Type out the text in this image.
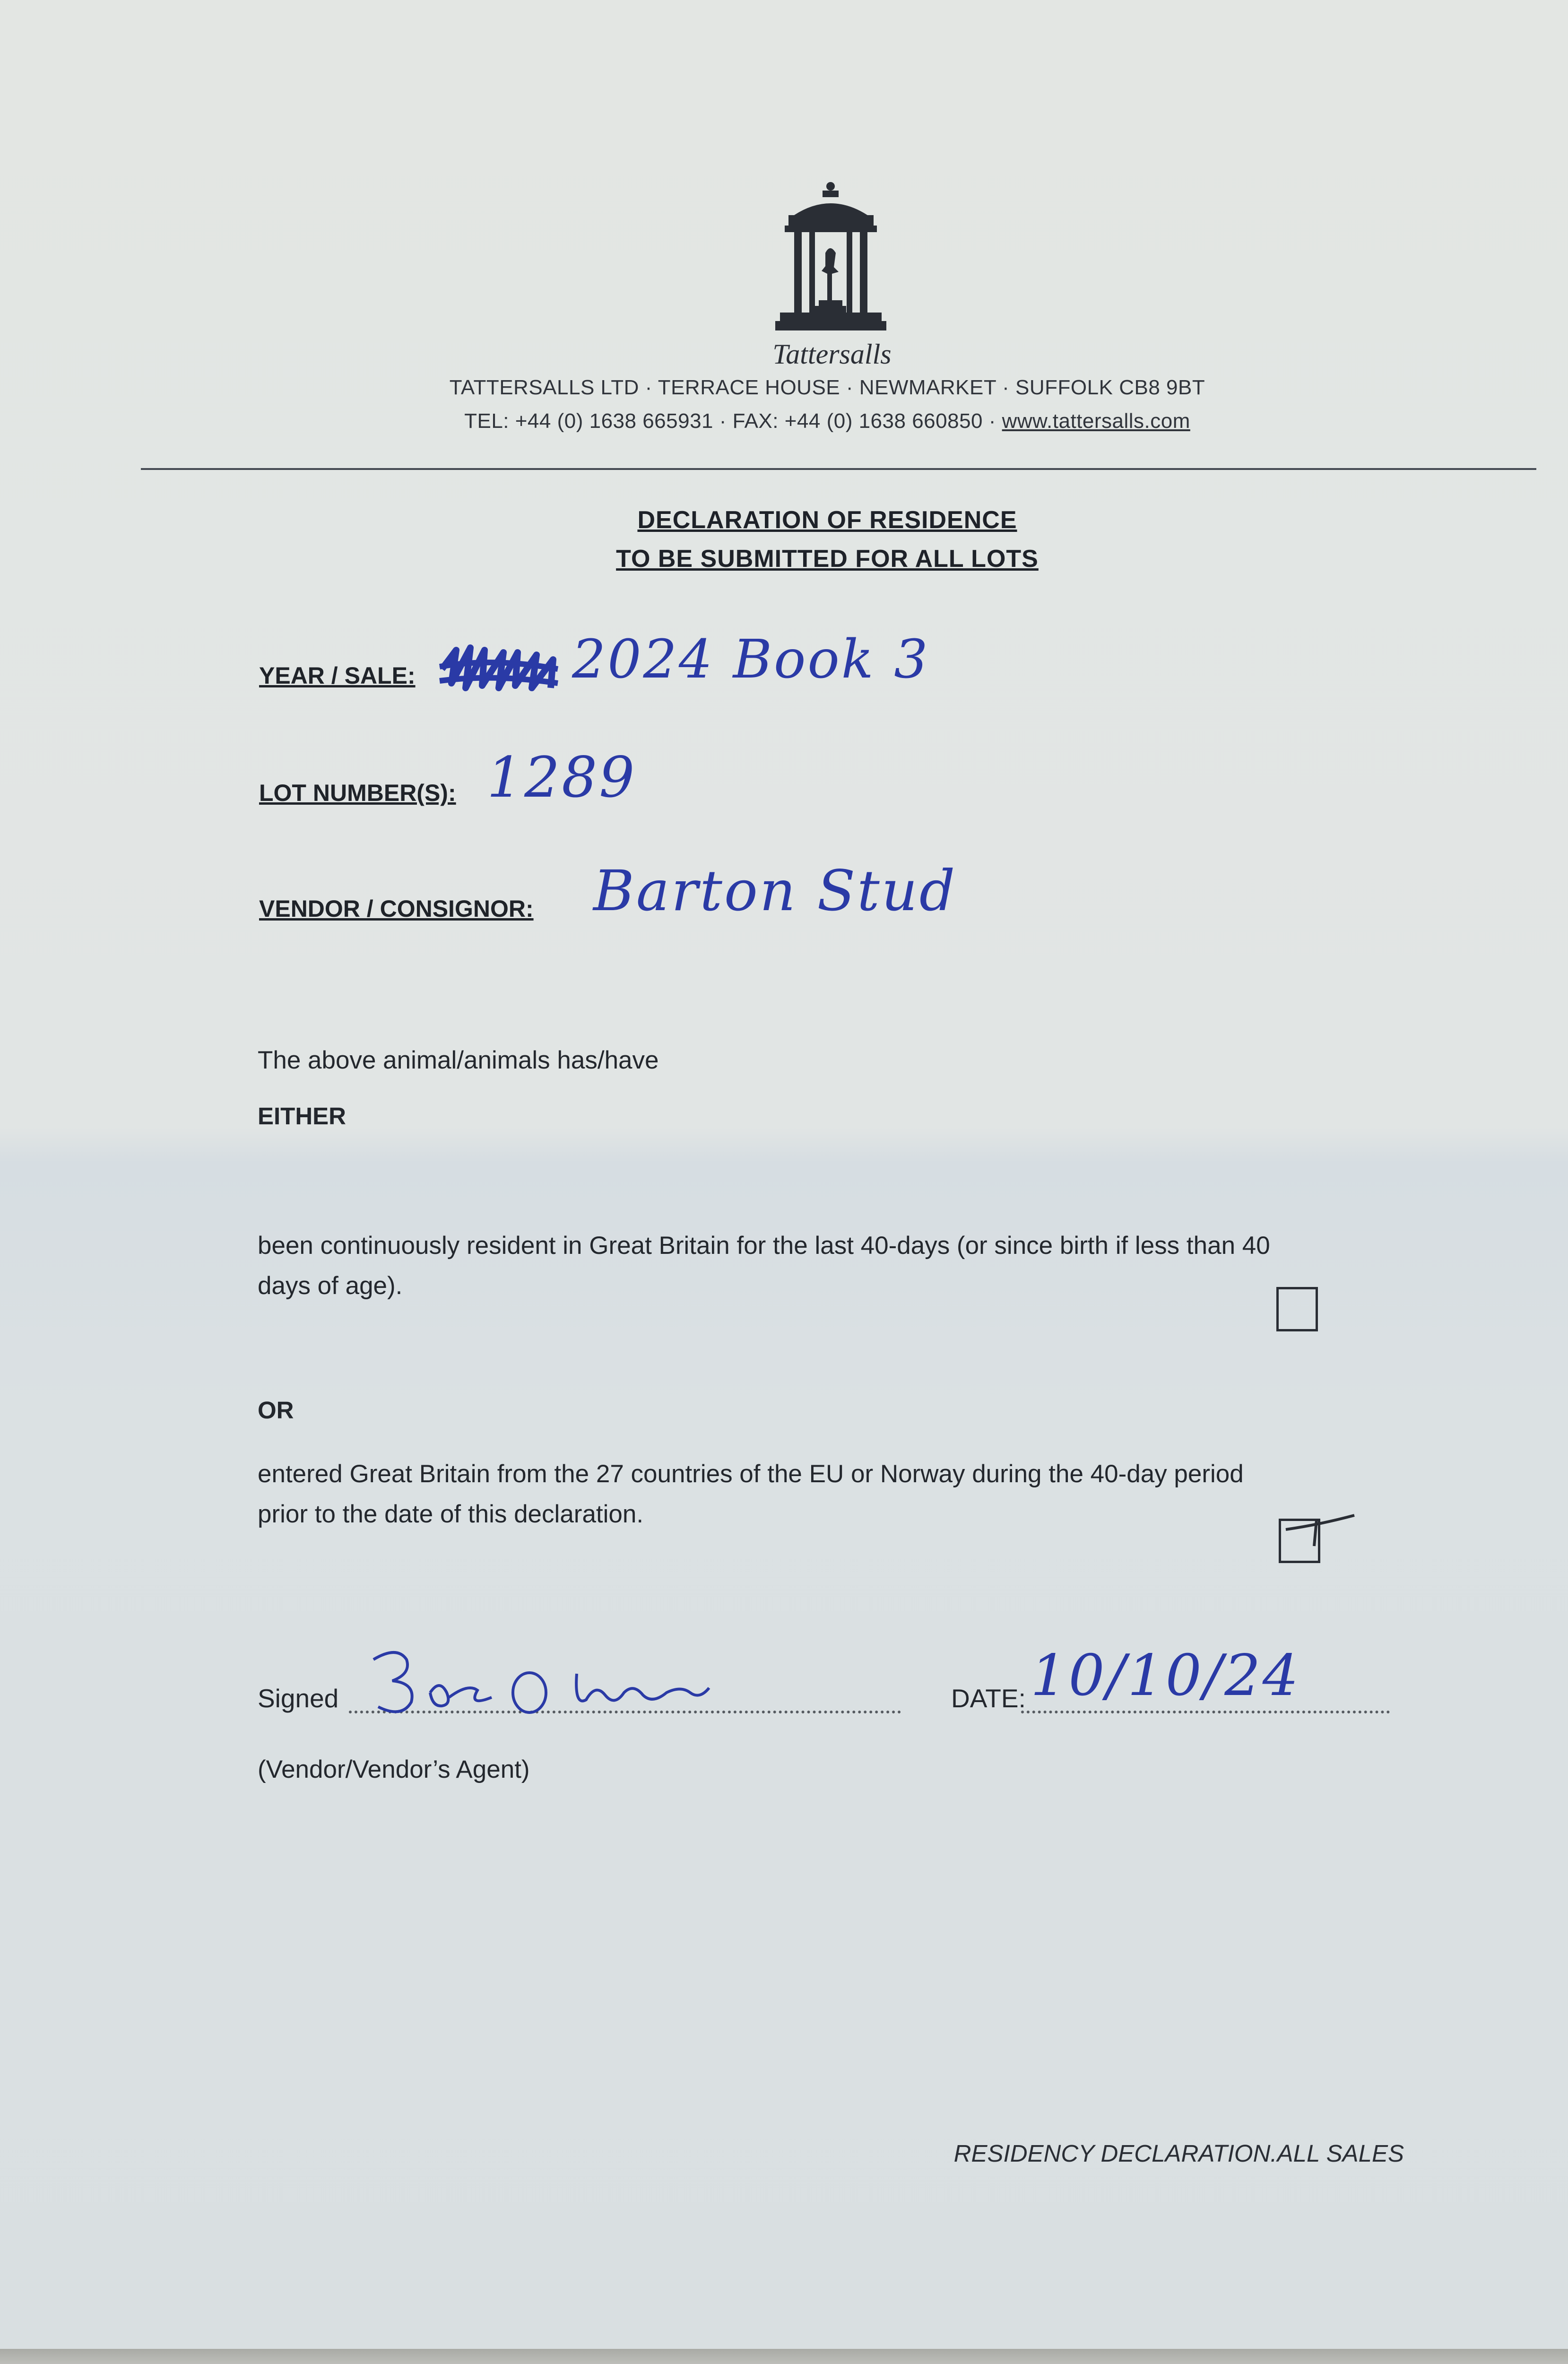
Tattersalls
TATTERSALLS LTD · TERRACE HOUSE · NEWMARKET · SUFFOLK CB8 9BT
TEL: +44 (0) 1638 665931 · FAX: +44 (0) 1638 660850 · www.tattersalls.com
DECLARATION OF RESIDENCE
TO BE SUBMITTED FOR ALL LOTS
YEAR / SALE:	2024 Book 3
LOT NUMBER(S): 1289
VENDOR / CONSIGNOR: Barton Stud
The above animal/animals has/have
EITHER
been continuously resident in Great Britain for the last 40-days (or since birth if less than 40
days of age).
OR
entered Great Britain from the 27 countries of the EU or Norway during the 40-day period
prior to the date of this declaration.
Signed	DATE: 10/10/24
(Vendor/Vendor’s Agent)
RESIDENCY DECLARATION.ALL SALES
